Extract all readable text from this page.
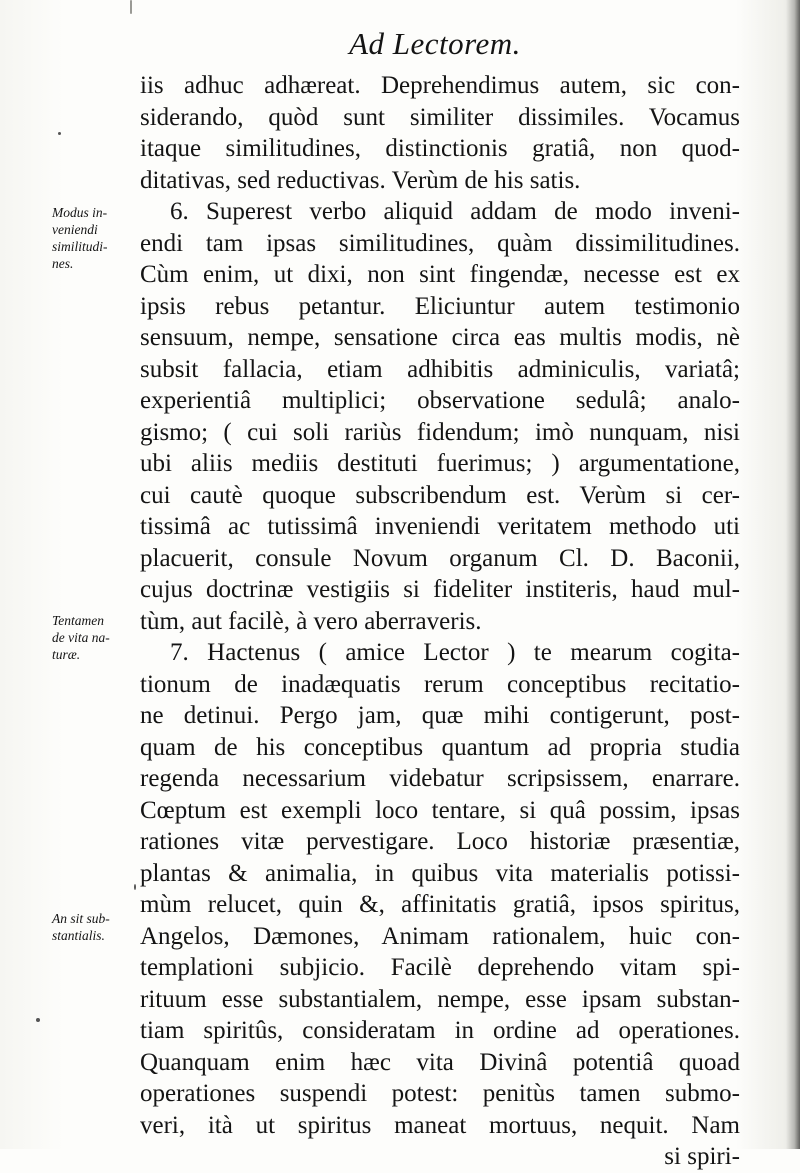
Ad Lectorem.
iis adhuc adhæreat. Deprehendimus autem, sic con-
siderando, quòd sunt similiter dissimiles. Vocamus
itaque similitudines, distinctionis gratiâ, non quod-
ditativas, sed reductivas. Verùm de his satis.
6. Superest verbo aliquid addam de modo inveni-
endi tam ipsas similitudines, quàm dissimilitudines.
Cùm enim, ut dixi, non sint fingendæ, necesse est ex
ipsis rebus petantur. Eliciuntur autem testimonio
sensuum, nempe, sensatione circa eas multis modis, nè
subsit fallacia, etiam adhibitis adminiculis, variatâ;
experientiâ multiplici; observatione sedulâ; analo-
gismo; ( cui soli rariùs fidendum; imò nunquam, nisi
ubi aliis mediis destituti fuerimus; ) argumentatione,
cui cautè quoque subscribendum est. Verùm si cer-
tissimâ ac tutissimâ inveniendi veritatem methodo uti
placuerit, consule Novum organum Cl. D. Baconii,
cujus doctrinæ vestigiis si fideliter institeris, haud mul-
tùm, aut facilè, à vero aberraveris.
7. Hactenus ( amice Lector ) te mearum cogita-
tionum de inadæquatis rerum conceptibus recitatio-
ne detinui. Pergo jam, quæ mihi contigerunt, post-
quam de his conceptibus quantum ad propria studia
regenda necessarium videbatur scripsissem, enarrare.
Cœptum est exempli loco tentare, si quâ possim, ipsas
rationes vitæ pervestigare. Loco historiæ præsentiæ,
plantas & animalia, in quibus vita materialis potissi-
mùm relucet, quin &, affinitatis gratiâ, ipsos spiritus,
Angelos, Dæmones, Animam rationalem, huic con-
templationi subjicio. Facilè deprehendo vitam spi-
rituum esse substantialem, nempe, esse ipsam substan-
tiam spiritûs, consideratam in ordine ad operationes.
Quanquam enim hæc vita Divinâ potentiâ quoad
operationes suspendi potest: penitùs tamen submo-
veri, ità ut spiritus maneat mortuus, nequit. Nam
si spiri-
Modus in-
veniendi
similitudi-
nes.
Tentamen
de vita na-
turæ.
An sit sub-
stantialis.
